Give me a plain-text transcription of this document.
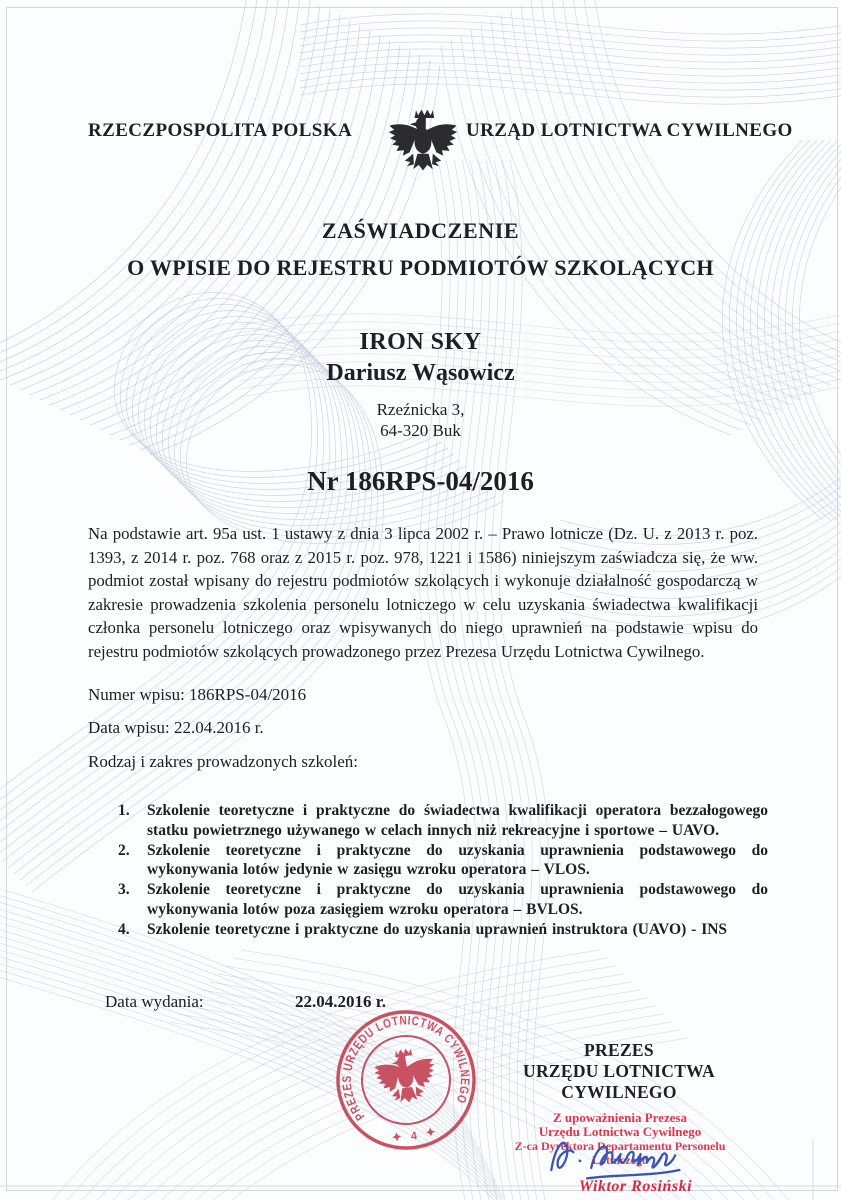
RZECZPOSPOLITA POLSKA	URZĄD LOTNICTWA CYWILNEGO
ZAŚWIADCZENIE
O WPISIE DO REJESTRU PODMIOTÓW SZKOLĄCYCH
IRON SKY
Dariusz Wąsowicz
Rzeźnicka 3,
64-320 Buk
Nr 186RPS-04/2016
Na podstawie art. 95a ust. 1 ustawy z dnia 3 lipca 2002 r. – Prawo lotnicze (Dz. U. z 2013 r. poz. 1393, z 2014 r. poz. 768 oraz z 2015 r. poz. 978, 1221 i 1586) niniejszym zaświadcza się, że ww. podmiot został wpisany do rejestru podmiotów szkolących i wykonuje działalność gospodarczą w zakresie prowadzenia szkolenia personelu lotniczego w celu uzyskania świadectwa kwalifikacji członka personelu lotniczego oraz wpisywanych do niego uprawnień na podstawie wpisu do rejestru podmiotów szkolących prowadzonego przez Prezesa Urzędu Lotnictwa Cywilnego.
Numer wpisu: 186RPS-04/2016
Data wpisu: 22.04.2016 r.
Rodzaj i zakres prowadzonych szkoleń:
1.	Szkolenie teoretyczne i praktyczne do świadectwa kwalifikacji operatora bezzałogowego statku powietrznego używanego w celach innych niż rekreacyjne i sportowe – UAVO.
2.	Szkolenie teoretyczne i praktyczne do uzyskania uprawnienia podstawowego do wykonywania lotów jedynie w zasięgu wzroku operatora – VLOS.
3.	Szkolenie teoretyczne i praktyczne do uzyskania uprawnienia podstawowego do wykonywania lotów poza zasięgiem wzroku operatora – BVLOS.
4.	Szkolenie teoretyczne i praktyczne do uzyskania uprawnień instruktora (UAVO) - INS
Data wydania:	22.04.2016 r.
PREZES
URZĘDU LOTNICTWA
CYWILNEGO
Z upoważnienia Prezesa
Urzędu Lotnictwa Cywilnego
Z-ca Dyrektora Departamentu Personelu Lotniczego
Wiktor Rosiński
PREZES URZĘDU LOTNICTWA CYWILNEGO
4
